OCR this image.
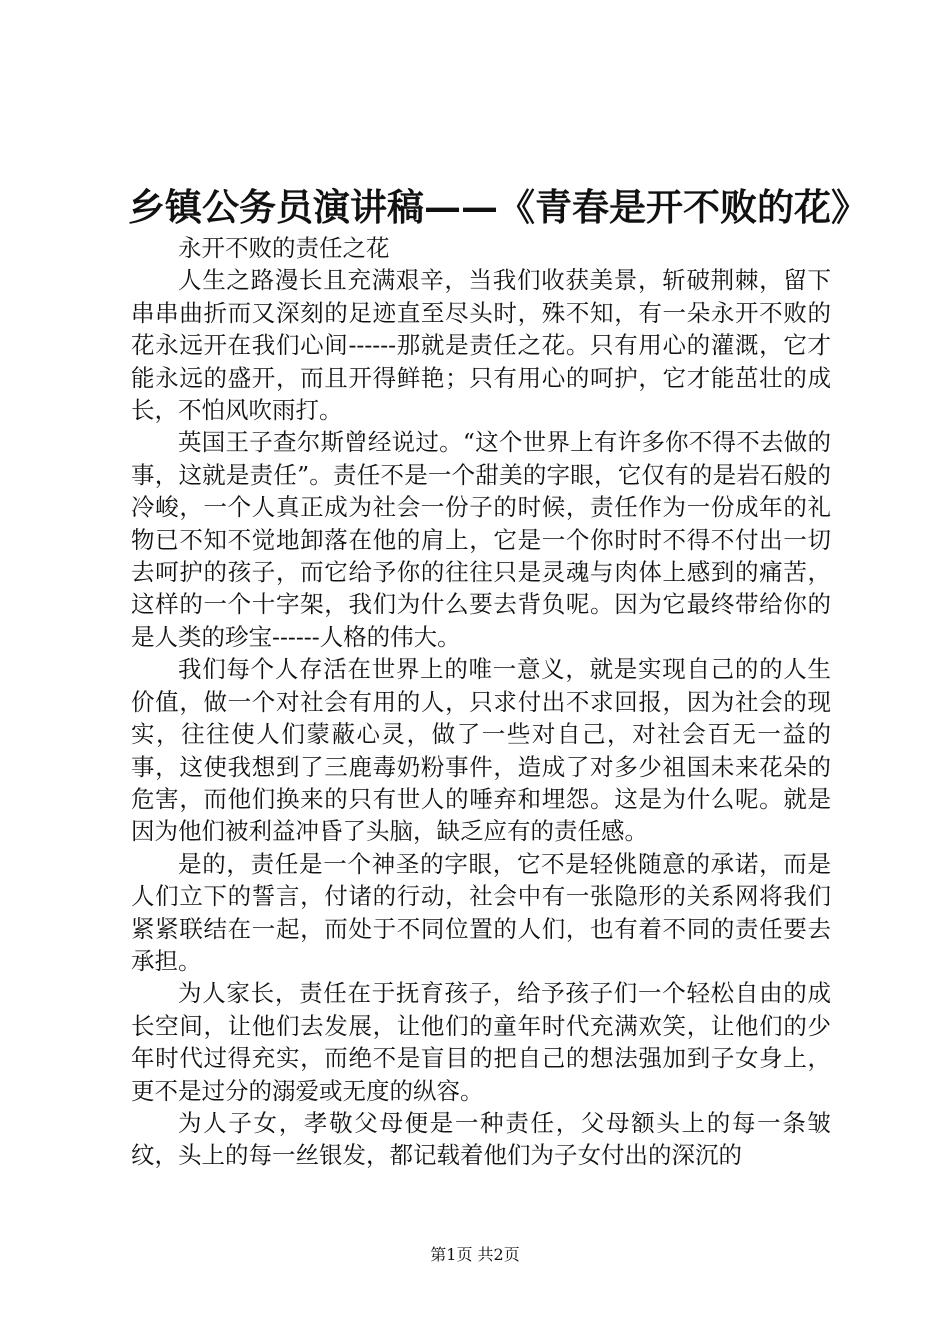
乡镇公务员演讲稿——《青春是开不败的花》

永开不败的责任之花

人生之路漫长且充满艰辛，当我们收获美景，斩破荆棘，留下串串曲折而又深刻的足迹直至尽头时，殊不知，有一朵永开不败的花永远开在我们心间------那就是责任之花。只有用心的灌溉，它才能永远的盛开，而且开得鲜艳；只有用心的呵护，它才能茁壮的成长，不怕风吹雨打。

英国王子查尔斯曾经说过。“这个世界上有许多你不得不去做的事，这就是责任”。责任不是一个甜美的字眼，它仅有的是岩石般的冷峻，一个人真正成为社会一份子的时候，责任作为一份成年的礼物已不知不觉地卸落在他的肩上，它是一个你时时不得不付出一切去呵护的孩子，而它给予你的往往只是灵魂与肉体上感到的痛苦，这样的一个十字架，我们为什么要去背负呢。因为它最终带给你的是人类的珍宝------人格的伟大。

我们每个人存活在世界上的唯一意义，就是实现自己的的人生价值，做一个对社会有用的人，只求付出不求回报，因为社会的现实，往往使人们蒙蔽心灵，做了一些对自己，对社会百无一益的事，这使我想到了三鹿毒奶粉事件，造成了对多少祖国未来花朵的危害，而他们换来的只有世人的唾弃和埋怨。这是为什么呢。就是因为他们被利益冲昏了头脑，缺乏应有的责任感。

是的，责任是一个神圣的字眼，它不是轻佻随意的承诺，而是人们立下的誓言，付诸的行动，社会中有一张隐形的关系网将我们紧紧联结在一起，而处于不同位置的人们，也有着不同的责任要去承担。

为人家长，责任在于抚育孩子，给予孩子们一个轻松自由的成长空间，让他们去发展，让他们的童年时代充满欢笑，让他们的少年时代过得充实，而绝不是盲目的把自己的想法强加到子女身上，更不是过分的溺爱或无度的纵容。

为人子女，孝敬父母便是一种责任，父母额头上的每一条皱纹，头上的每一丝银发，都记载着他们为子女付出的深沉的

第1页 共2页
